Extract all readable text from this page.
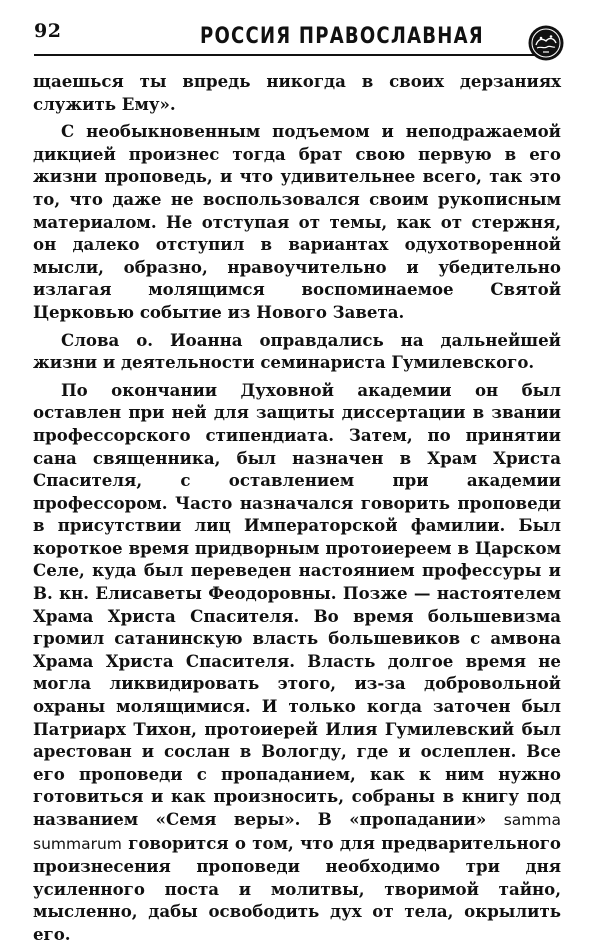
92	РОССИЯ ПРАВОСЛАВНАЯ

щаешься ты впредь никогда в своих дерзаниях служить Ему».

С необыкновенным подъемом и неподражаемой дикцией произнес тогда брат свою первую в его жизни проповедь, и что удивительнее всего, так это то, что даже не воспользовался своим рукописным материалом. Не отступая от темы, как от стержня, он далеко отступил в вариантах одухотворенной мысли, образно, нравоучительно и убедительно излагая молящимся воспоминаемое Святой Церковью событие из Нового Завета.

Слова о. Иоанна оправдались на дальнейшей жизни и деятельности семинариста Гумилевского.

По окончании Духовной академии он был оставлен при ней для защиты диссертации в звании профессорского стипендиата. Затем, по принятии сана священника, был назначен в Храм Христа Спасителя, с оставлением при академии профессором. Часто назначался говорить проповеди в присутствии лиц Императорской фамилии. Был короткое время придворным протоиереем в Царском Селе, куда был переведен настоянием профессуры и В. кн. Елисаветы Феодоровны. Позже — настоятелем Храма Христа Спасителя. Во время большевизма громил сатанинскую власть большевиков с амвона Храма Христа Спасителя. Власть долгое время не могла ликвидировать этого, из-за добровольной охраны молящимися. И только когда заточен был Патриарх Тихон, протоиерей Илия Гумилевский был арестован и сослан в Вологду, где и ослеплен. Все его проповеди с пропаданием, как к ним нужно готовиться и как произносить, собраны в книгу под названием «Семя веры». В «пропадании» samma summarum говорится о том, что для предварительного произнесения проповеди необходимо три дня усиленного поста и молитвы, творимой тайно, мысленно, дабы освободить дух от тела, окрылить его.
